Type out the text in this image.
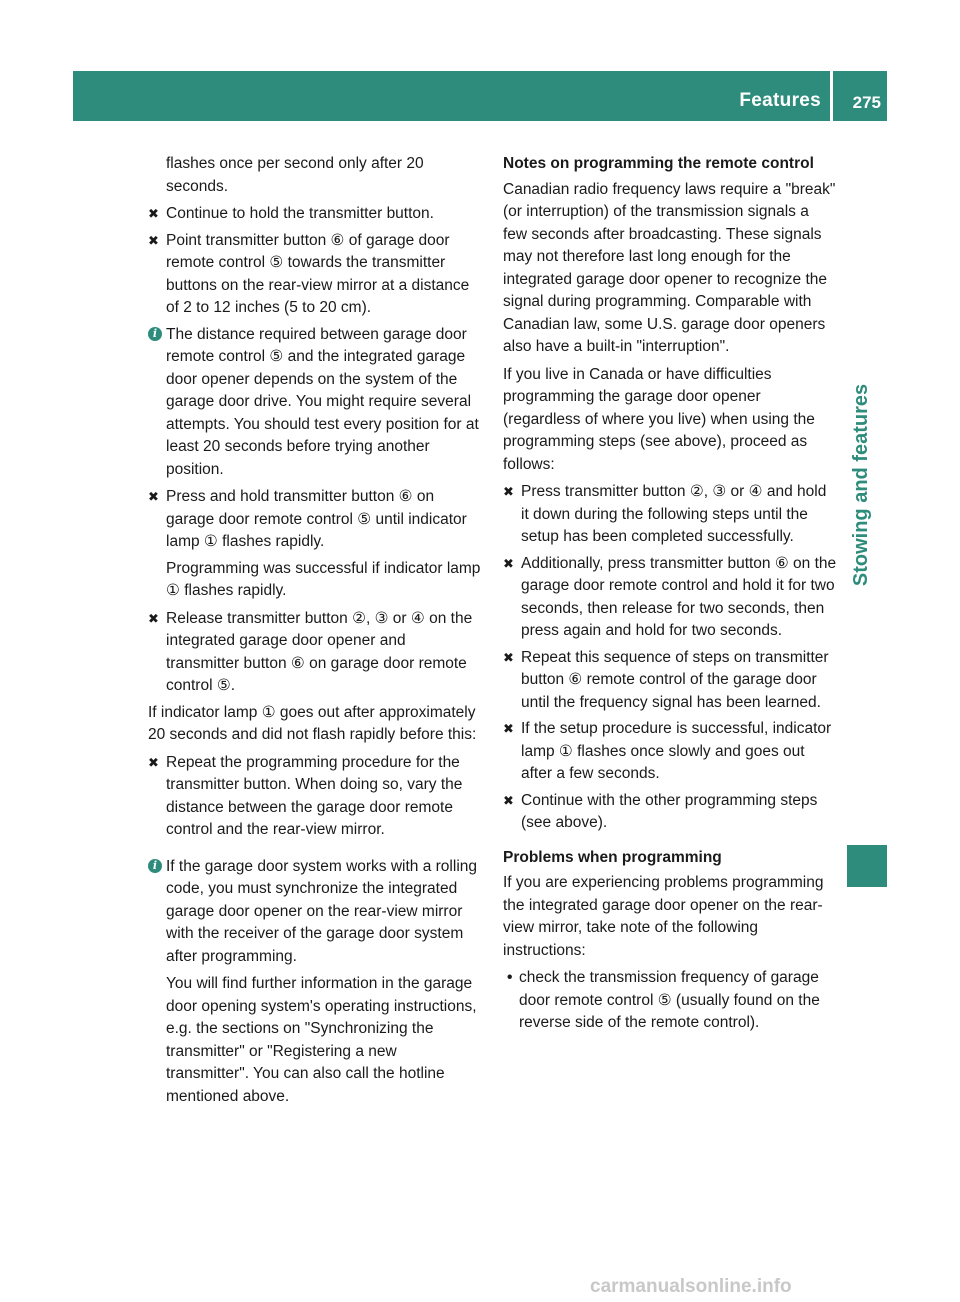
Features 275
Stowing and features

flashes once per second only after 20 seconds.

✖ Continue to hold the transmitter button.
✖ Point transmitter button ⑥ of garage door remote control ⑤ towards the transmitter buttons on the rear-view mirror at a distance of 2 to 12 inches (5 to 20 cm).
i The distance required between garage door remote control ⑤ and the integrated garage door opener depends on the system of the garage door drive. You might require several attempts. You should test every position for at least 20 seconds before trying another position.
✖ Press and hold transmitter button ⑥ on garage door remote control ⑤ until indicator lamp ① flashes rapidly.

Programming was successful if indicator lamp ① flashes rapidly.

✖ Release transmitter button ②, ③ or ④ on the integrated garage door opener and transmitter button ⑥ on garage door remote control ⑤.

If indicator lamp ① goes out after approximately 20 seconds and did not flash rapidly before this:

✖ Repeat the programming procedure for the transmitter button. When doing so, vary the distance between the garage door remote control and the rear-view mirror.
i If the garage door system works with a rolling code, you must synchronize the integrated garage door opener on the rear-view mirror with the receiver of the garage door system after programming.

You will find further information in the garage door opening system's operating instructions, e.g. the sections on "Synchronizing the transmitter" or "Registering a new transmitter". You can also call the hotline mentioned above.

Notes on programming the remote control

Canadian radio frequency laws require a "break" (or interruption) of the transmission signals a few seconds after broadcasting. These signals may not therefore last long enough for the integrated garage door opener to recognize the signal during programming. Comparable with Canadian law, some U.S. garage door openers also have a built-in "interruption".

If you live in Canada or have difficulties programming the garage door opener (regardless of where you live) when using the programming steps (see above), proceed as follows:

✖ Press transmitter button ②, ③ or ④ and hold it down during the following steps until the setup has been completed successfully.
✖ Additionally, press transmitter button ⑥ on the garage door remote control and hold it for two seconds, then release for two seconds, then press again and hold for two seconds.
✖ Repeat this sequence of steps on transmitter button ⑥ remote control of the garage door until the frequency signal has been learned.
✖ If the setup procedure is successful, indicator lamp ① flashes once slowly and goes out after a few seconds.
✖ Continue with the other programming steps (see above).

Problems when programming

If you are experiencing problems programming the integrated garage door opener on the rear-view mirror, take note of the following instructions:

• check the transmission frequency of garage door remote control ⑤ (usually found on the reverse side of the remote control).
carmanualsonline.info
